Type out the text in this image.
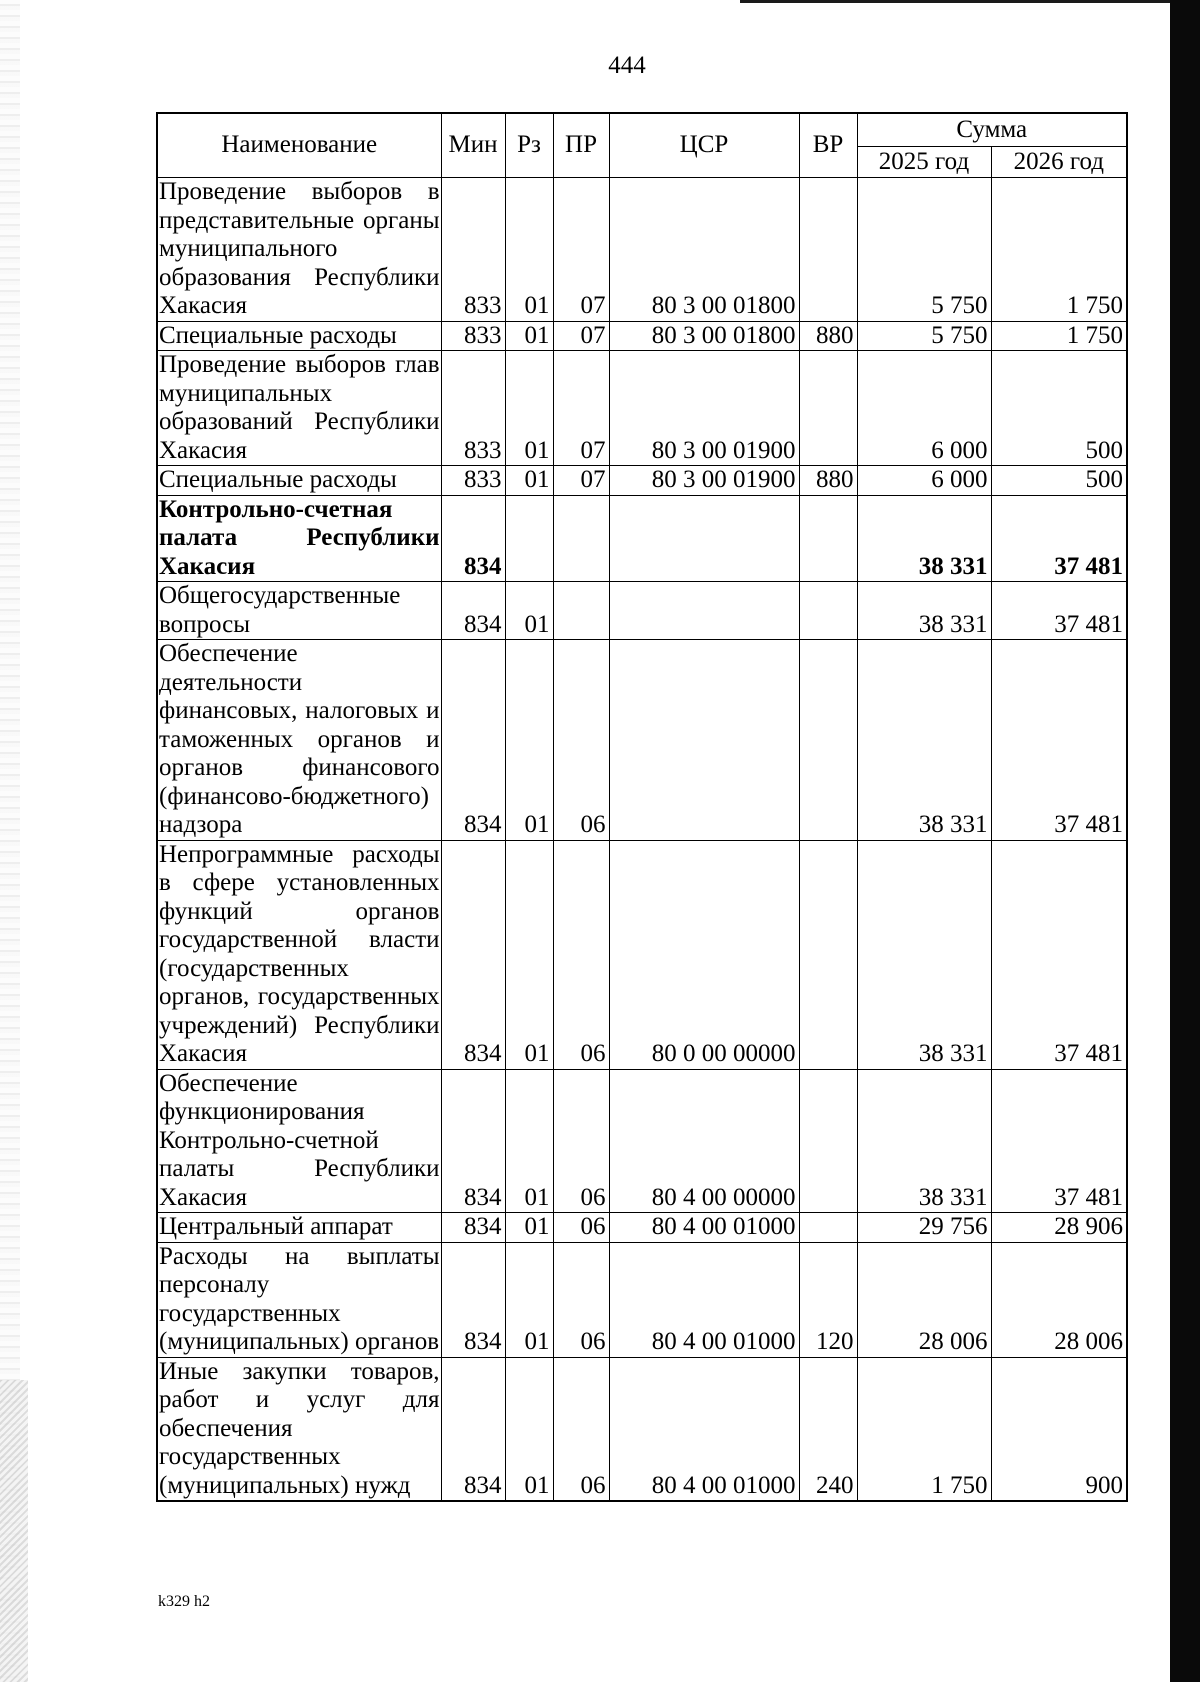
444
Наименование	Мин	Рз	ПР	ЦСР	ВР	Сумма	
						2025 год	2026 год
Проведение выборов в представительные органы муниципального образования Республики Хакасия	833	01	07	80 3 00 01800		5 750	1 750
Специальные расходы	833	01	07	80 3 00 01800	880	5 750	1 750
Проведение выборов глав муниципальных образований Республики Хакасия	833	01	07	80 3 00 01900		6 000	500
Специальные расходы	833	01	07	80 3 00 01900	880	6 000	500
Контрольно-счетная палата Республики Хакасия	834					38 331	37 481
Общегосударственные вопросы	834	01				38 331	37 481
Обеспечение деятельности финансовых, налоговых и таможенных органов и органов финансового (финансово-бюджетного) надзора	834	01	06			38 331	37 481
Непрограммные расходы в сфере установленных функций органов государственной власти (государственных органов, государственных учреждений) Республики Хакасия	834	01	06	80 0 00 00000		38 331	37 481
Обеспечение функционирования Контрольно-счетной палаты Республики Хакасия	834	01	06	80 4 00 00000		38 331	37 481
Центральный аппарат	834	01	06	80 4 00 01000		29 756	28 906
Расходы на выплаты персоналу государственных (муниципальных) органов	834	01	06	80 4 00 01000	120	28 006	28 006
Иные закупки товаров, работ и услуг для обеспечения государственных (муниципальных) нужд	834	01	06	80 4 00 01000	240	1 750	900
k329 h2
